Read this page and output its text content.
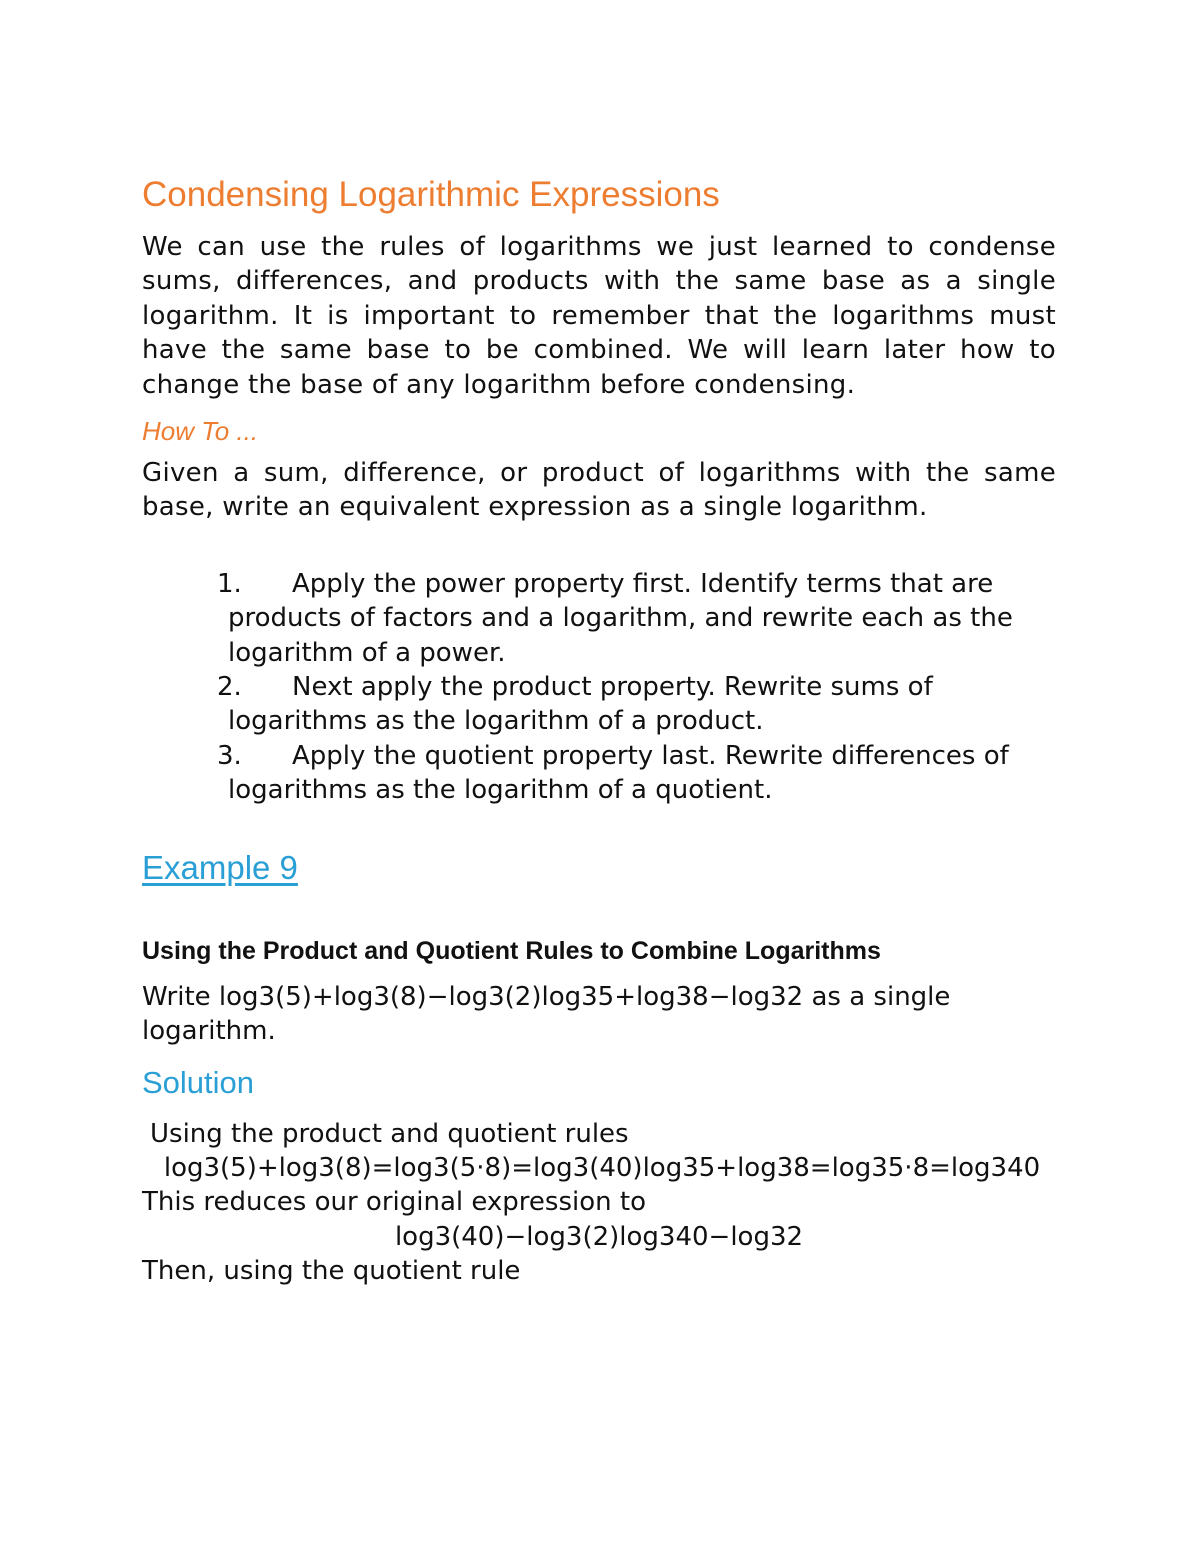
Condensing Logarithmic Expressions

We can use the rules of logarithms we just learned to condense sums, differences, and products with the same base as a single logarithm. It is important to remember that the logarithms must have the same base to be combined. We will learn later how to change the base of any logarithm before condensing.

How To ...

Given a sum, difference, or product of logarithms with the same base, write an equivalent expression as a single logarithm.

1. Apply the power property first. Identify terms that are products of factors and a logarithm, and rewrite each as the logarithm of a power.
2. Next apply the product property. Rewrite sums of logarithms as the logarithm of a product.
3. Apply the quotient property last. Rewrite differences of logarithms as the logarithm of a quotient.
Example 9
Using the Product and Quotient Rules to Combine Logarithms

Write log3(5)+log3(8)−log3(2)log35+log38−log32 as a single logarithm.

Solution

Using the product and quotient rules

log3(5)+log3(8)=log3(5·8)=log3(40)log35+log38=log35·8=log340

This reduces our original expression to

log3(40)−log3(2)log340−log32

Then, using the quotient rule
